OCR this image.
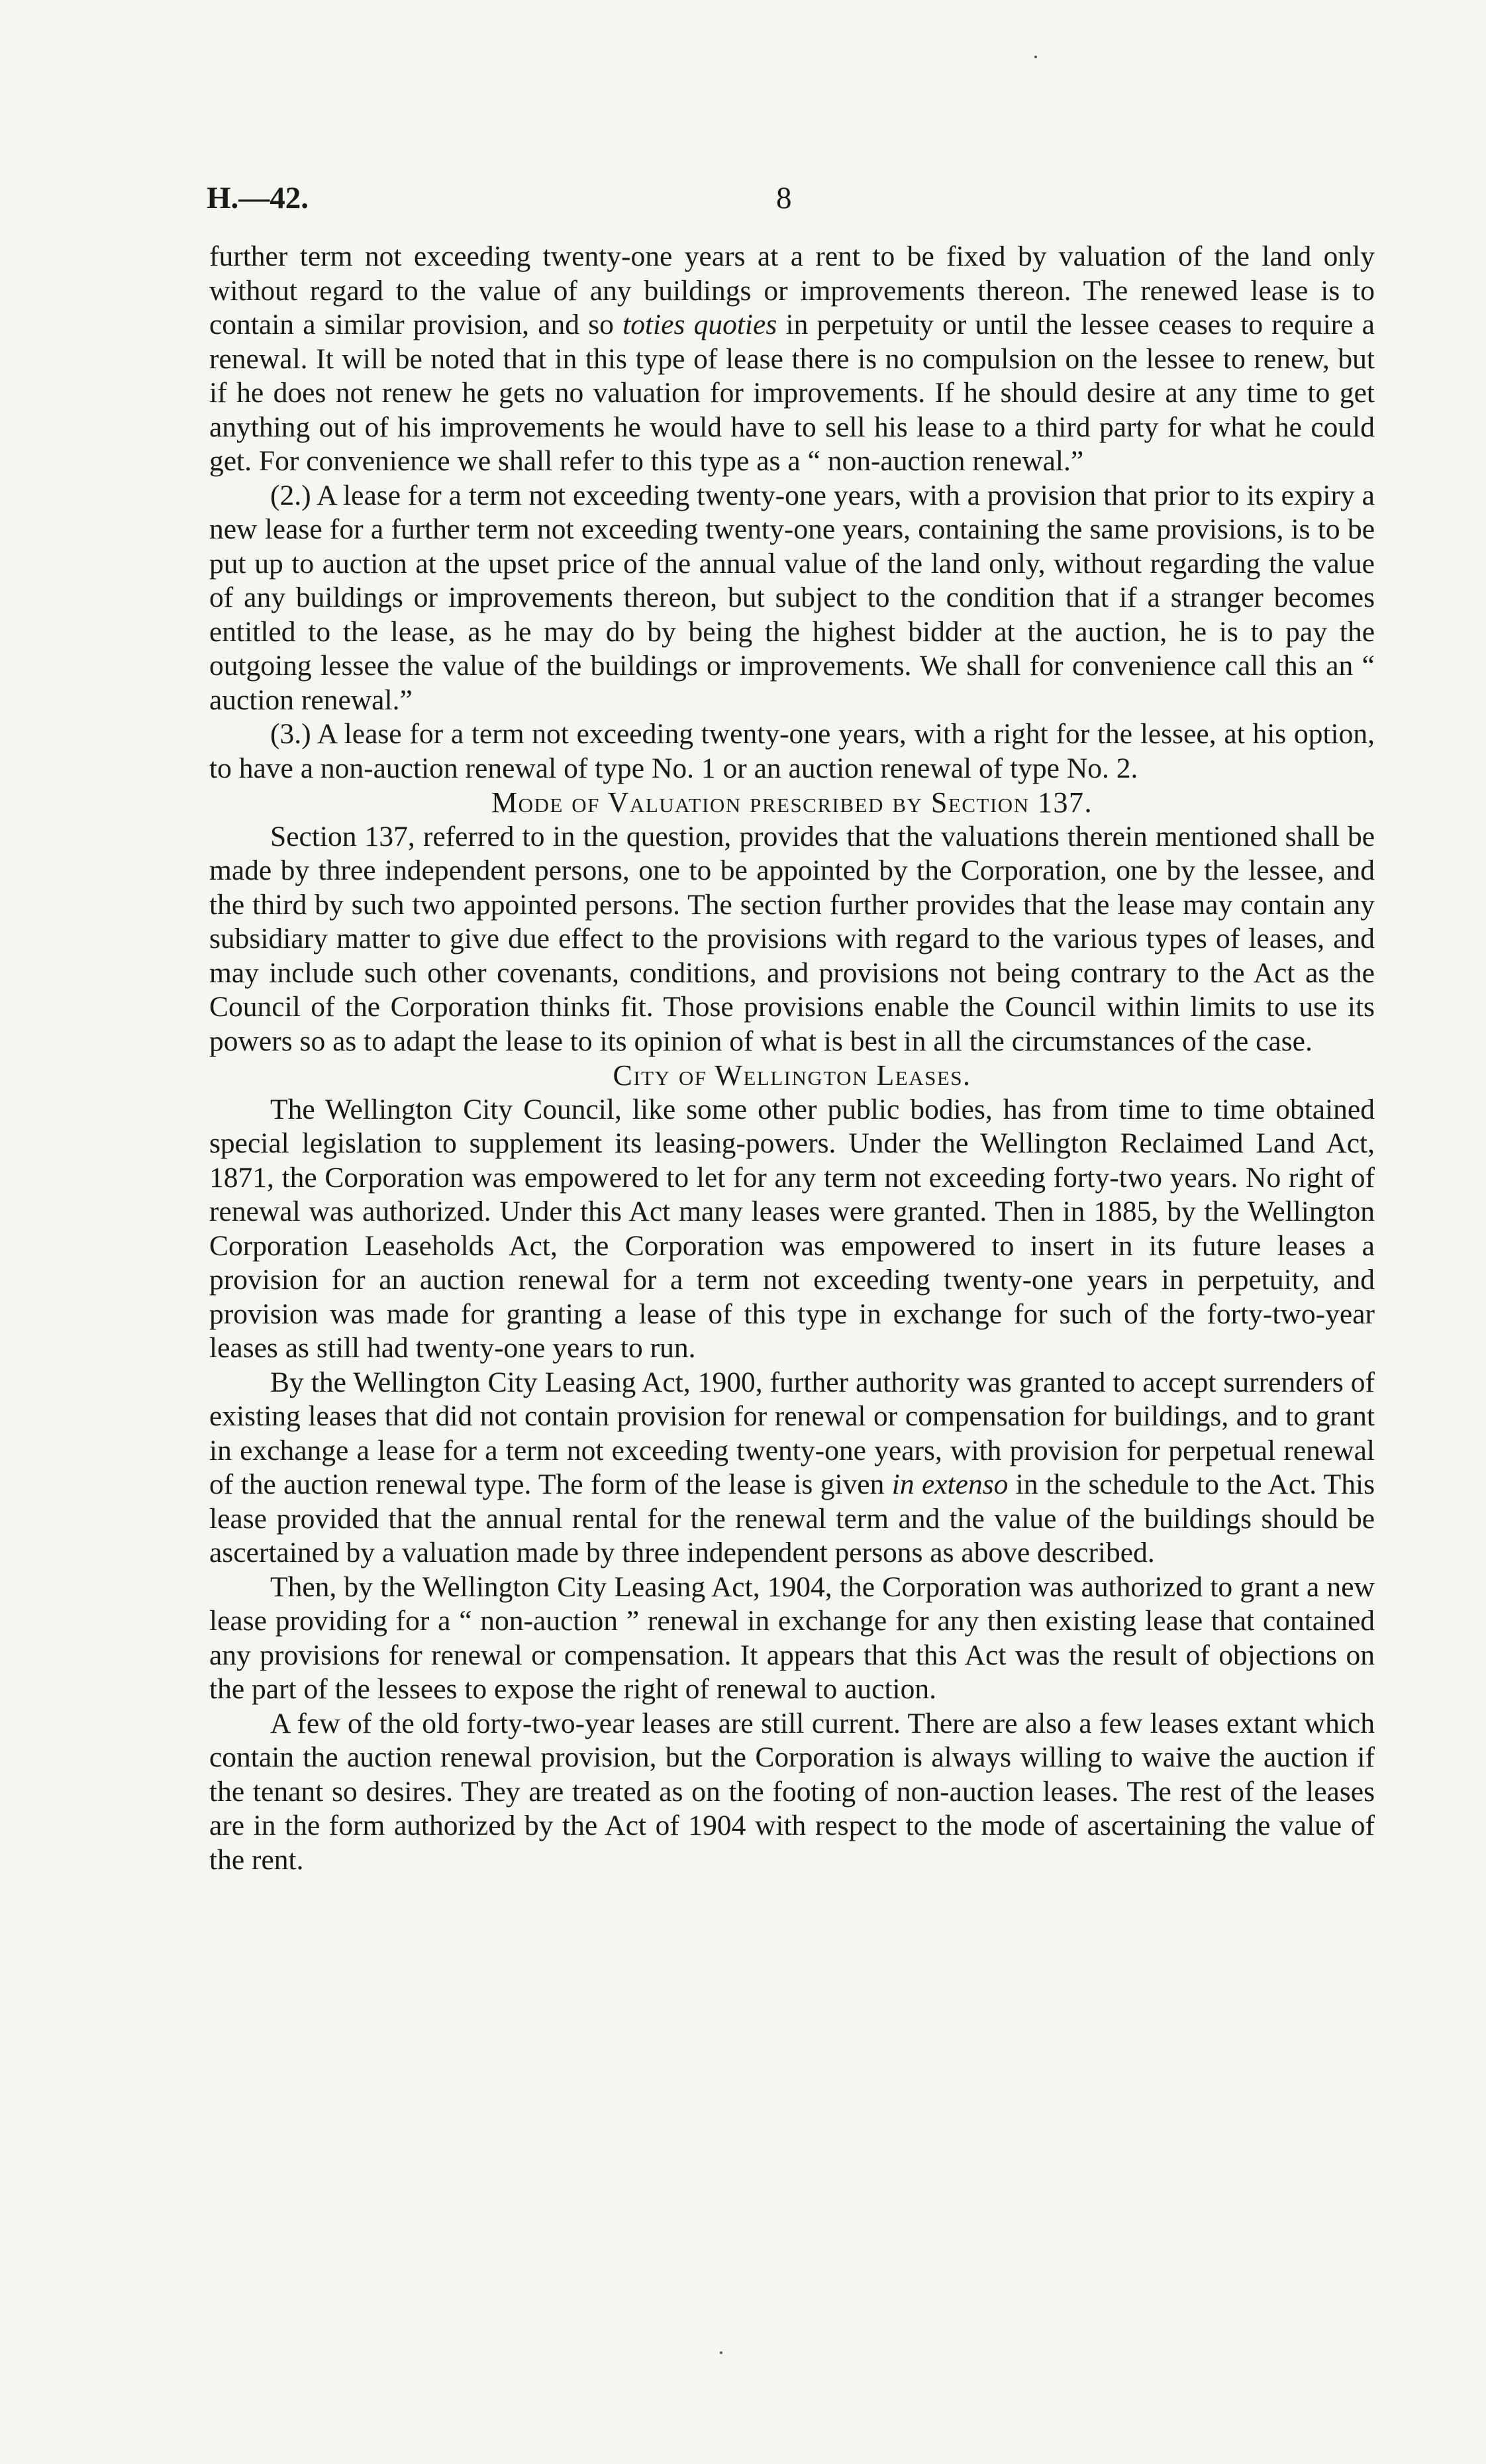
H.—42.	8

further term not exceeding twenty-one years at a rent to be fixed by valuation of the land only without regard to the value of any buildings or improvements thereon. The renewed lease is to contain a similar provision, and so toties quoties in perpetuity or until the lessee ceases to require a renewal. It will be noted that in this type of lease there is no compulsion on the lessee to renew, but if he does not renew he gets no valuation for improvements. If he should desire at any time to get anything out of his improvements he would have to sell his lease to a third party for what he could get. For convenience we shall refer to this type as a “ non-auction renewal.”

(2.) A lease for a term not exceeding twenty-one years, with a provision that prior to its expiry a new lease for a further term not exceeding twenty-one years, containing the same provisions, is to be put up to auction at the upset price of the annual value of the land only, without regarding the value of any buildings or improvements thereon, but subject to the condition that if a stranger becomes entitled to the lease, as he may do by being the highest bidder at the auction, he is to pay the outgoing lessee the value of the buildings or improvements. We shall for convenience call this an “ auction renewal.”

(3.) A lease for a term not exceeding twenty-one years, with a right for the lessee, at his option, to have a non-auction renewal of type No. 1 or an auction renewal of type No. 2.

Mode of Valuation prescribed by Section 137.

Section 137, referred to in the question, provides that the valuations therein mentioned shall be made by three independent persons, one to be appointed by the Corporation, one by the lessee, and the third by such two appointed persons. The section further provides that the lease may contain any subsidiary matter to give due effect to the provisions with regard to the various types of leases, and may include such other covenants, conditions, and provisions not being contrary to the Act as the Council of the Corporation thinks fit. Those provisions enable the Council within limits to use its powers so as to adapt the lease to its opinion of what is best in all the circumstances of the case.

City of Wellington Leases.

The Wellington City Council, like some other public bodies, has from time to time obtained special legislation to supplement its leasing-powers. Under the Wellington Reclaimed Land Act, 1871, the Corporation was empowered to let for any term not exceeding forty-two years. No right of renewal was authorized. Under this Act many leases were granted. Then in 1885, by the Wellington Corporation Leaseholds Act, the Corporation was empowered to insert in its future leases a provision for an auction renewal for a term not exceeding twenty-one years in perpetuity, and provision was made for granting a lease of this type in exchange for such of the forty-two-year leases as still had twenty-one years to run.

By the Wellington City Leasing Act, 1900, further authority was granted to accept surrenders of existing leases that did not contain provision for renewal or compensation for buildings, and to grant in exchange a lease for a term not exceeding twenty-one years, with provision for perpetual renewal of the auction renewal type. The form of the lease is given in extenso in the schedule to the Act. This lease provided that the annual rental for the renewal term and the value of the buildings should be ascertained by a valuation made by three independent persons as above described.

Then, by the Wellington City Leasing Act, 1904, the Corporation was authorized to grant a new lease providing for a “ non-auction ” renewal in exchange for any then existing lease that contained any provisions for renewal or compensation. It appears that this Act was the result of objections on the part of the lessees to expose the right of renewal to auction.

A few of the old forty-two-year leases are still current. There are also a few leases extant which contain the auction renewal provision, but the Corporation is always willing to waive the auction if the tenant so desires. They are treated as on the footing of non-auction leases. The rest of the leases are in the form authorized by the Act of 1904 with respect to the mode of ascertaining the value of the rent.
